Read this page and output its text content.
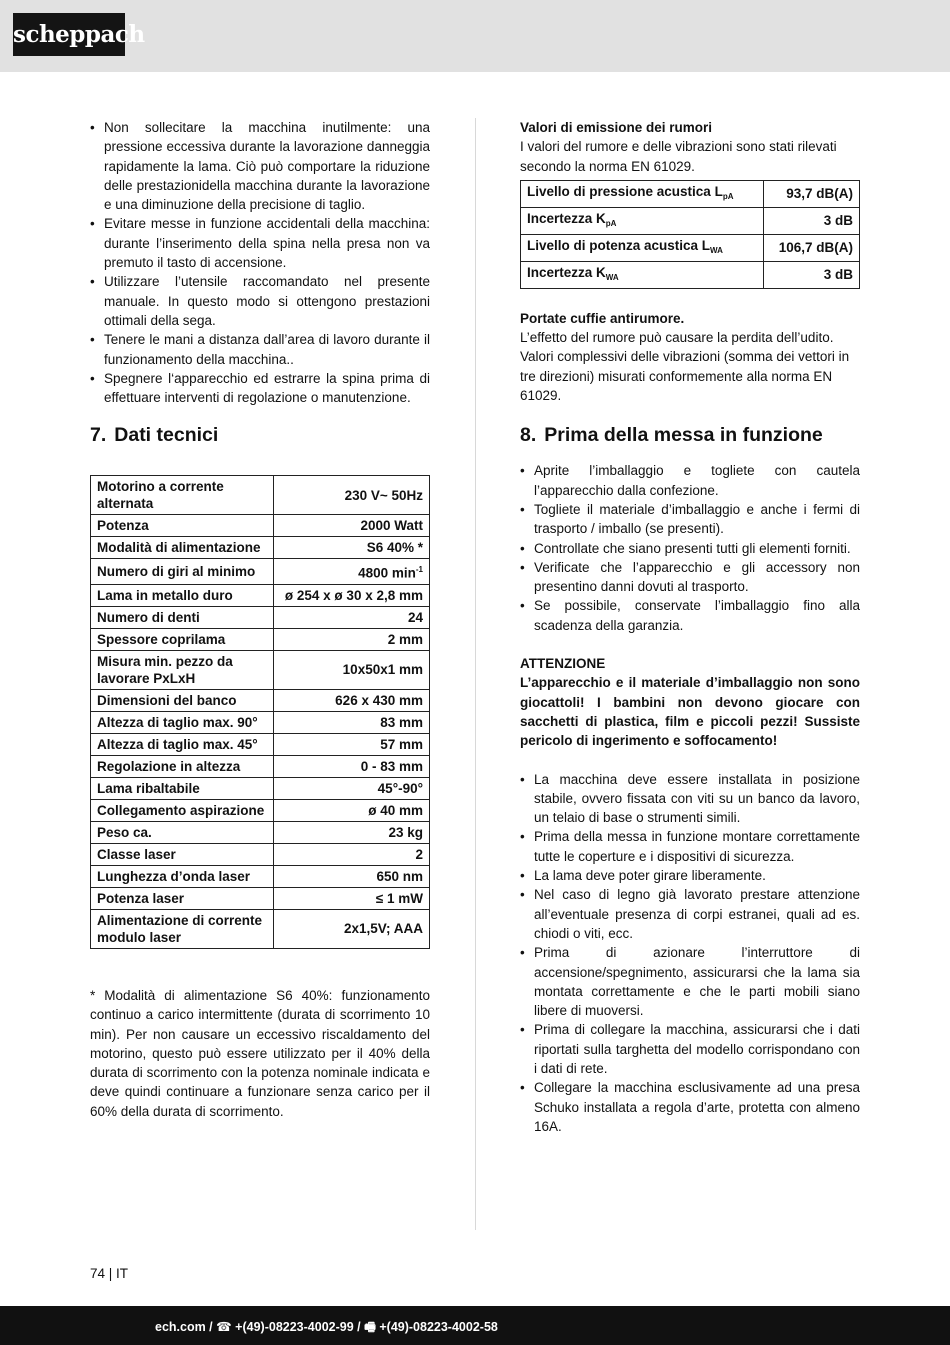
scheppach
• Non sollecitare la macchina inutilmente: una pressione eccessiva durante la lavorazione danneggia rapidamente la lama. Ciò può comportare la riduzione delle prestazionidella macchina durante la lavorazione e una diminuzione della precisione di taglio.
• Evitare messe in funzione accidentali della macchina: durante l’inserimento della spina nella presa non va premuto il tasto di accensione.
• Utilizzare l’utensile raccomandato nel presente manuale. In questo modo si ottengono prestazioni ottimali della sega.
• Tenere le mani a distanza dall’area di lavoro durante il funzionamento della macchina..
• Spegnere l‘apparecchio ed estrarre la spina prima di effettuare interventi di regolazione o manutenzione.
7. Dati tecnici
Motorino a corrente alternata	230 V~ 50Hz
Potenza	2000 Watt
Modalità di alimentazione	S6 40% *
Numero di giri al minimo	4800 $\min^{-1}$
Lama in metallo duro	ø 254 x ø 30 x 2,8 mm
Numero di denti	24
Spessore coprilama	2 mm
Misura min. pezzo da lavorare PxLxH	10x50x1 mm
Dimensioni del banco	626 x 430 mm
Altezza di taglio max. 90°	83 mm
Altezza di taglio max. 45°	57 mm
Regolazione in altezza	0 - 83 mm
Lama ribaltabile	45°-90°
Collegamento aspirazione	ø 40 mm
Peso ca.	23 kg
Classe laser	2
Lunghezza d’onda laser	650 nm
Potenza laser	≤ 1 mW
Alimentazione di corrente modulo laser	2x1,5V; AAA

* Modalità di alimentazione S6 40%: funzionamento continuo a carico intermittente (durata di scorrimento 10 min). Per non causare un eccessivo riscaldamento del motorino, questo può essere utilizzato per il 40% della durata di scorrimento con la potenza nominale indicata e deve quindi continuare a funzionare senza carico per il 60% della durata di scorrimento.

Valori di emissione dei rumori

I valori del rumore e delle vibrazioni sono stati rilevati secondo la norma EN 61029.

Livello di pressione acustica $L_{pA}$	93,7 dB(A)
Incertezza $K_{pA}$	3 dB
Livello di potenza acustica $L_{WA}$	106,7 dB(A)
Incertezza $K_{WA}$	3 dB

Portate cuffie antirumore.

L’effetto del rumore può causare la perdita dell’udito. Valori complessivi delle vibrazioni (somma dei vettori in tre direzioni) misurati conformemente alla norma EN 61029.

8. Prima della messa in funzione
• Aprite l’imballaggio e togliete con cautela l’apparecchio dalla confezione.
• Togliete il materiale d’imballaggio e anche i fermi di trasporto / imballo (se presenti).
• Controllate che siano presenti tutti gli elementi forniti.
• Verificate che l’apparecchio e gli accessory non presentino danni dovuti al trasporto.
• Se possibile, conservate l’imballaggio fino alla scadenza della garanzia.

ATTENZIONE

L’apparecchio e il materiale d’imballaggio non sono giocattoli! I bambini non devono giocare con sacchetti di plastica, film e piccoli pezzi! Sussiste pericolo di ingerimento e soffocamento!

• La macchina deve essere installata in posizione stabile, ovvero fissata con viti su un banco da lavoro, un telaio di base o strumenti simili.
• Prima della messa in funzione montare correttamente tutte le coperture e i dispositivi di sicurezza.
• La lama deve poter girare liberamente.
• Nel caso di legno già lavorato prestare attenzione all’eventuale presenza di corpi estranei, quali ad es. chiodi o viti, ecc.
• Prima di azionare l’interruttore di accensione/spegnimento, assicurarsi che la lama sia montata correttamente e che le parti mobili siano libere di muoversi.
• Prima di collegare la macchina, assicurarsi che i dati riportati sulla targhetta del modello corrispondano con i dati di rete.
• Collegare la macchina esclusivamente ad una presa Schuko installata a regola d’arte, protetta con almeno 16A.
74 | IT
ech.com / ☎ +(49)-08223-4002-99 / 🖷 +(49)-08223-4002-58
